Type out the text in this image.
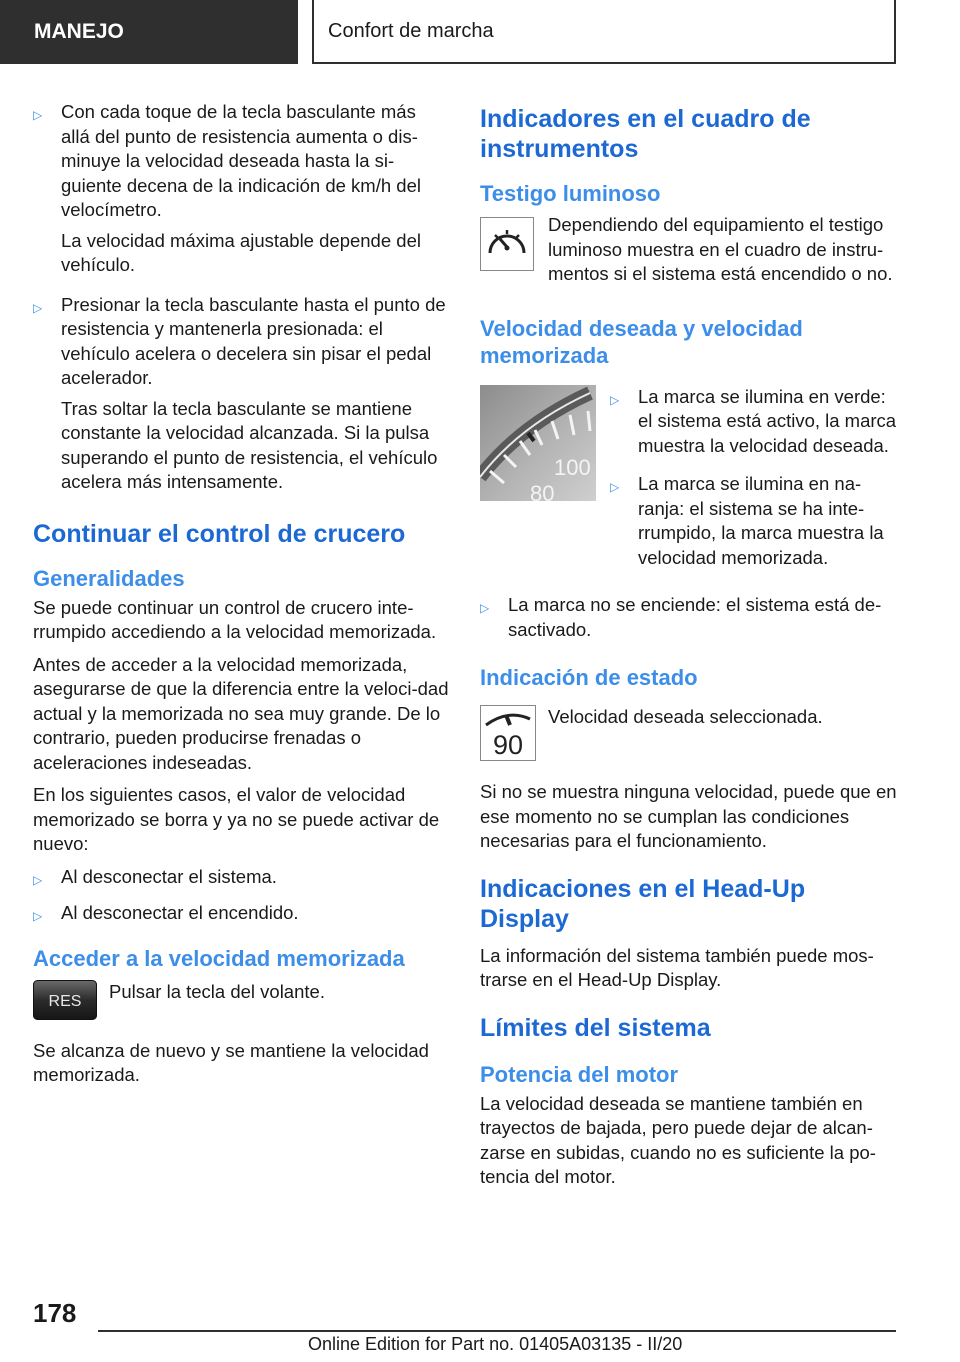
MANEJO	Confort de marcha
▷	Con cada toque de la tecla basculante más allá del punto de resistencia aumenta o dis-minuye la velocidad deseada hasta la si-guiente decena de la indicación de km/h del velocímetro.

La velocidad máxima ajustable depende del vehículo.

▷	Presionar la tecla basculante hasta el punto de resistencia y mantenerla presionada: el vehículo acelera o decelera sin pisar el pedal acelerador.

Tras soltar la tecla basculante se mantiene constante la velocidad alcanzada. Si la pulsa superando el punto de resistencia, el vehículo acelera más intensamente.

Continuar el control de crucero
Generalidades

Se puede continuar un control de crucero inte-rrumpido accediendo a la velocidad memorizada.

Antes de acceder a la velocidad memorizada, asegurarse de que la diferencia entre la veloci-dad actual y la memorizada no sea muy grande. De lo contrario, pueden producirse frenadas o aceleraciones indeseadas.

En los siguientes casos, el valor de velocidad memorizado se borra y ya no se puede activar de nuevo:

▷	Al desconectar el sistema.
▷	Al desconectar el encendido.
Acceder a la velocidad memorizada
RES Pulsar la tecla del volante.

Se alcanza de nuevo y se mantiene la velocidad memorizada.

Indicadores en el cuadro de instrumentos
Testigo luminoso

Dependiendo del equipamiento el testigo luminoso muestra en el cuadro de instru-mentos si el sistema está encendido o no.

Velocidad deseada y velocidad memorizada
100
80
▷	La marca se ilumina en verde: el sistema está activo, la marca muestra la velocidad deseada.
▷	La marca se ilumina en na-ranja: el sistema se ha inte-rrumpido, la marca muestra la velocidad memorizada.
▷	La marca no se enciende: el sistema está de-sactivado.
Indicación de estado
90

Velocidad deseada seleccionada.

Si no se muestra ninguna velocidad, puede que en ese momento no se cumplan las condiciones necesarias para el funcionamiento.

Indicaciones en el Head-Up Display

La información del sistema también puede mos-trarse en el Head-Up Display.

Límites del sistema
Potencia del motor

La velocidad deseada se mantiene también en trayectos de bajada, pero puede dejar de alcan-zarse en subidas, cuando no es suficiente la po-tencia del motor.

178
Online Edition for Part no. 01405A03135 - II/20
